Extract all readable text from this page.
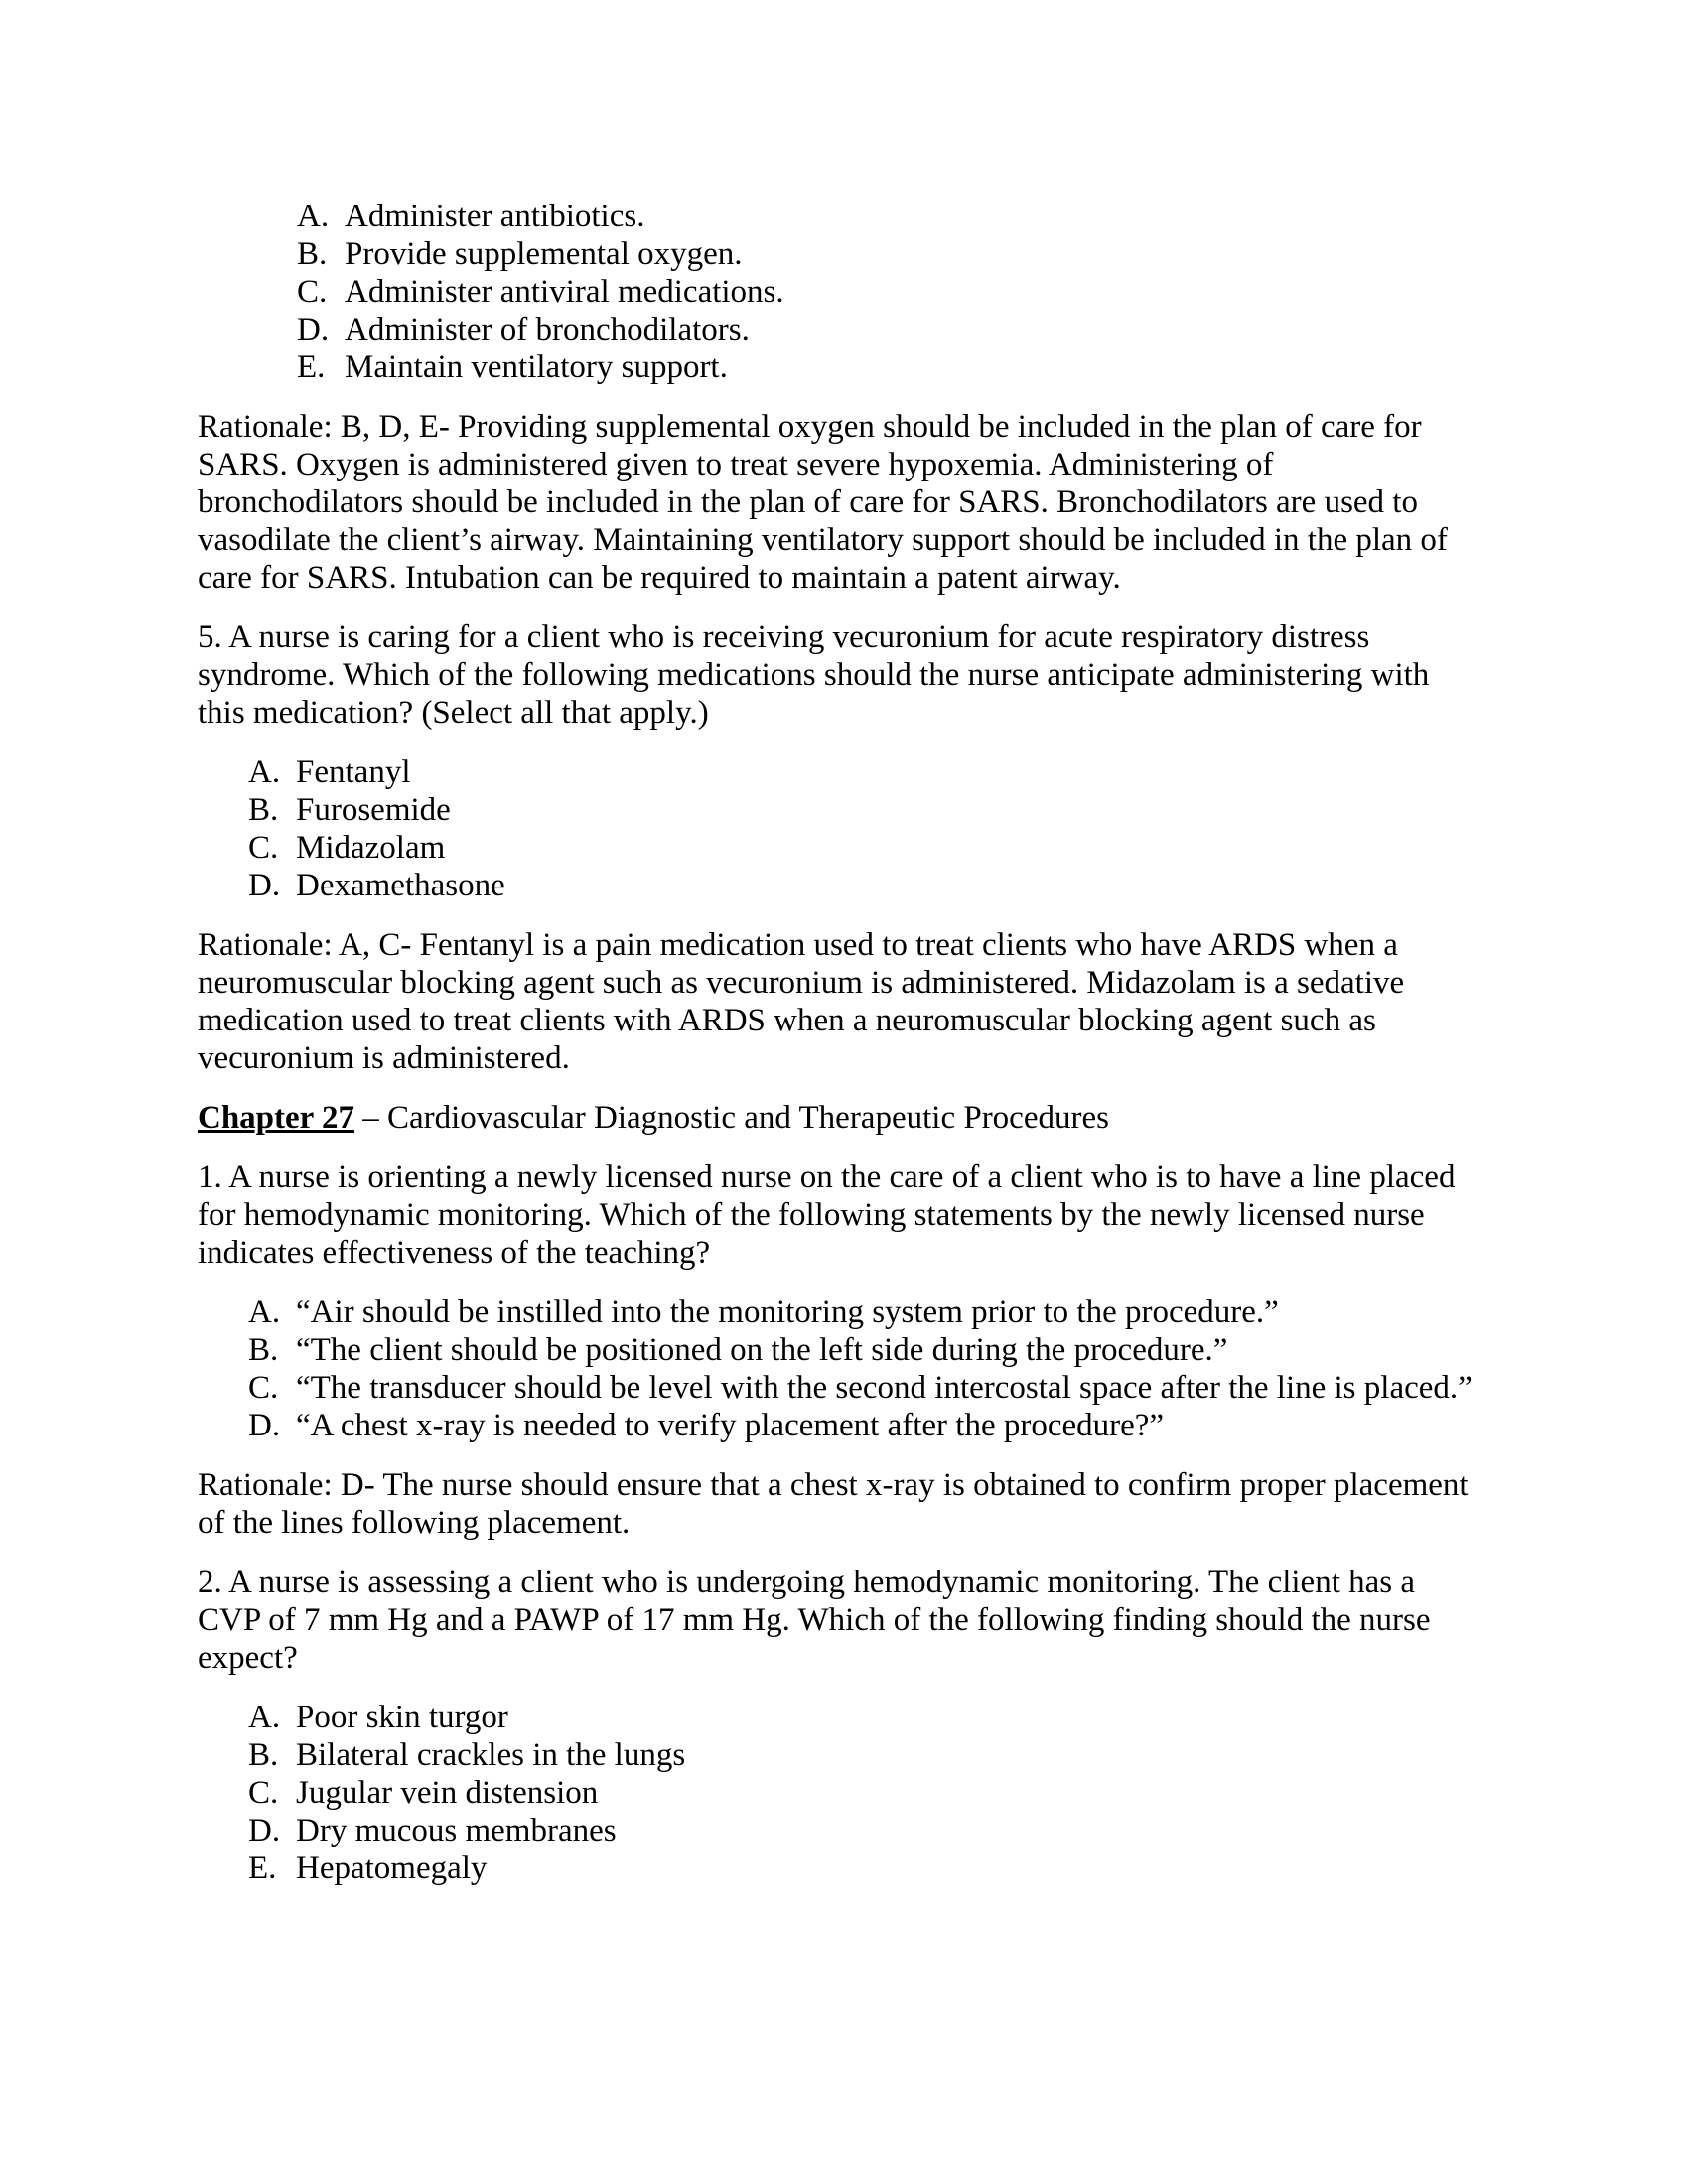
A. Administer antibiotics.
B. Provide supplemental oxygen.
C. Administer antiviral medications.
D. Administer of bronchodilators.
E. Maintain ventilatory support.
Rationale: B, D, E- Providing supplemental oxygen should be included in the plan of care for
SARS. Oxygen is administered given to treat severe hypoxemia. Administering of
bronchodilators should be included in the plan of care for SARS. Bronchodilators are used to
vasodilate the client’s airway. Maintaining ventilatory support should be included in the plan of
care for SARS. Intubation can be required to maintain a patent airway.
5. A nurse is caring for a client who is receiving vecuronium for acute respiratory distress
syndrome. Which of the following medications should the nurse anticipate administering with
this medication? (Select all that apply.)
A. Fentanyl
B. Furosemide
C. Midazolam
D. Dexamethasone
Rationale: A, C- Fentanyl is a pain medication used to treat clients who have ARDS when a
neuromuscular blocking agent such as vecuronium is administered. Midazolam is a sedative
medication used to treat clients with ARDS when a neuromuscular blocking agent such as
vecuronium is administered.
Chapter 27 – Cardiovascular Diagnostic and Therapeutic Procedures
1. A nurse is orienting a newly licensed nurse on the care of a client who is to have a line placed
for hemodynamic monitoring. Which of the following statements by the newly licensed nurse
indicates effectiveness of the teaching?
A. “Air should be instilled into the monitoring system prior to the procedure.”
B. “The client should be positioned on the left side during the procedure.”
C. “The transducer should be level with the second intercostal space after the line is placed.”
D. “A chest x-ray is needed to verify placement after the procedure?”
Rationale: D- The nurse should ensure that a chest x-ray is obtained to confirm proper placement
of the lines following placement.
2. A nurse is assessing a client who is undergoing hemodynamic monitoring. The client has a
CVP of 7 mm Hg and a PAWP of 17 mm Hg. Which of the following finding should the nurse
expect?
A. Poor skin turgor
B. Bilateral crackles in the lungs
C. Jugular vein distension
D. Dry mucous membranes
E. Hepatomegaly
